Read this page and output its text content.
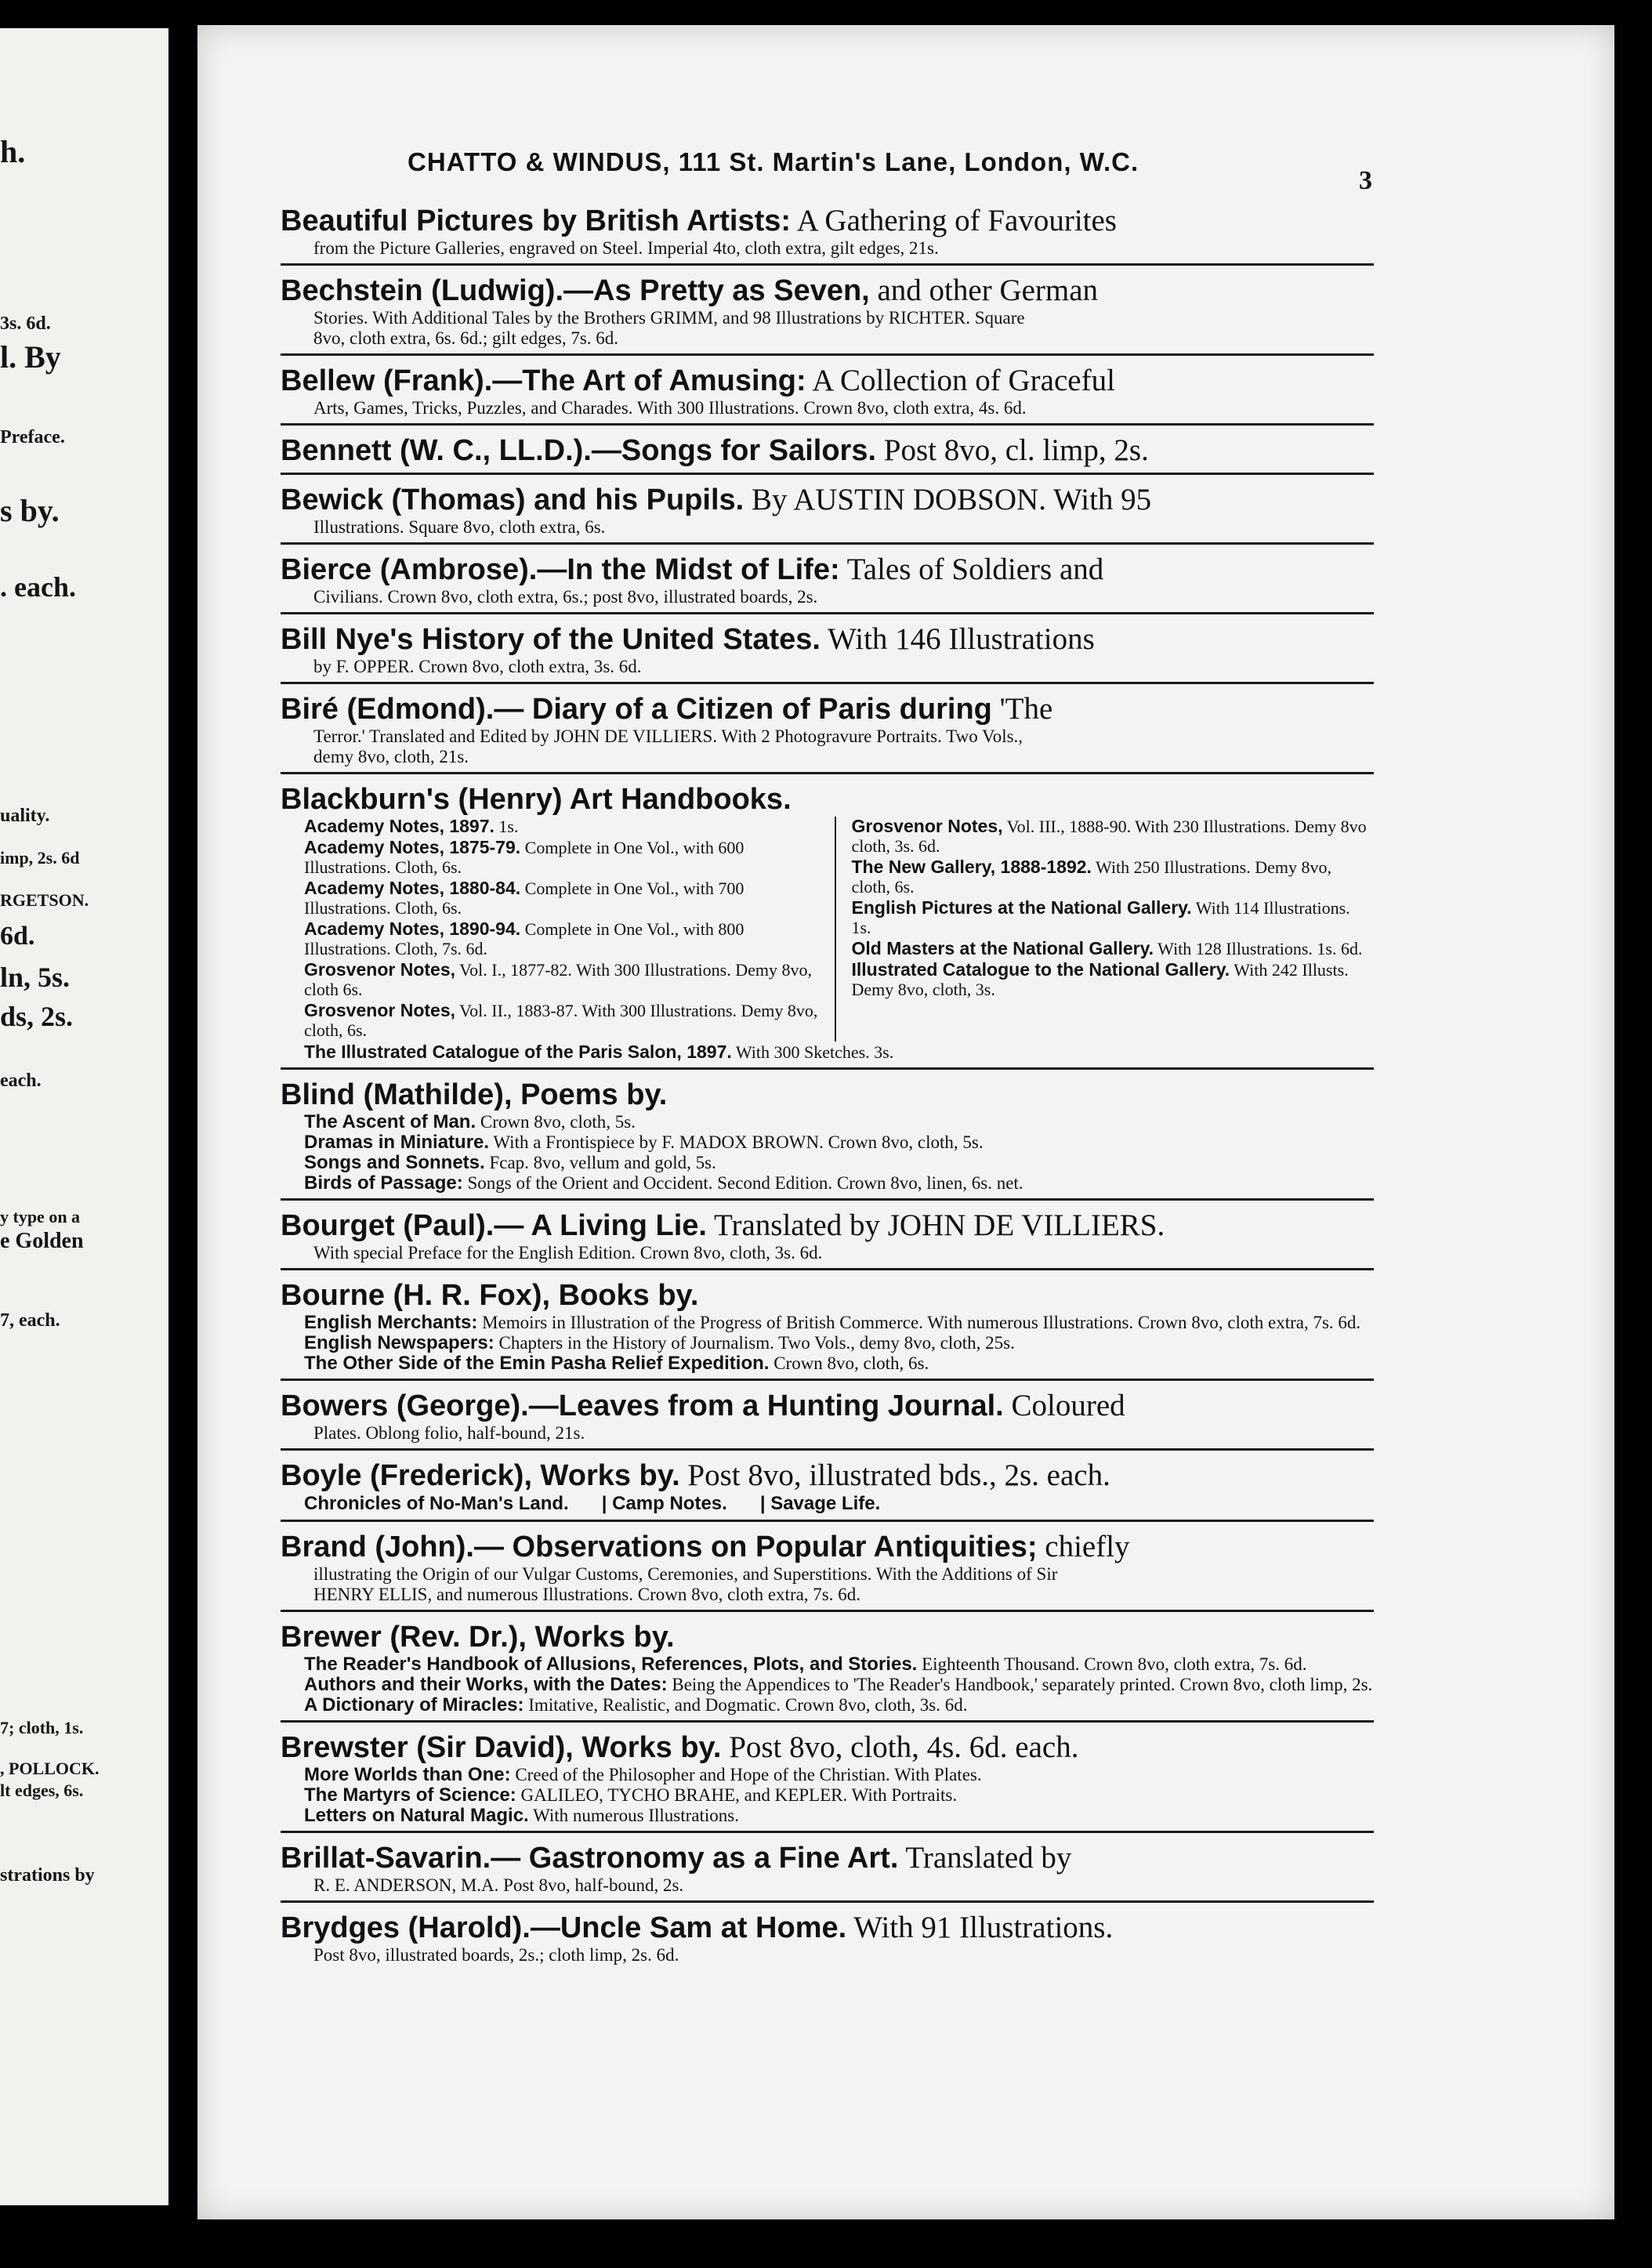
h.
3s. 6d.
l. By
Preface.
s by.
. each.
uality.
imp, 2s. 6d
RGETSON.
6d.
ln, 5s.
ds, 2s.
each.
y type on a
e Golden
7, each.
7; cloth, 1s.
, POLLOCK.
lt edges, 6s.
strations by
CHATTO & WINDUS, 111 St. Martin's Lane, London, W.C.
3
Beautiful Pictures by British Artists: A Gathering of Favourites
from the Picture Galleries, engraved on Steel. Imperial 4to, cloth extra, gilt edges, 21s.
Bechstein (Ludwig).—As Pretty as Seven, and other German
Stories. With Additional Tales by the Brothers GRIMM, and 98 Illustrations by RICHTER. Square
8vo, cloth extra, 6s. 6d.; gilt edges, 7s. 6d.
Bellew (Frank).—The Art of Amusing: A Collection of Graceful
Arts, Games, Tricks, Puzzles, and Charades. With 300 Illustrations. Crown 8vo, cloth extra, 4s. 6d.
Bennett (W. C., LL.D.).—Songs for Sailors. Post 8vo, cl. limp, 2s.
Bewick (Thomas) and his Pupils. By AUSTIN DOBSON. With 95
Illustrations. Square 8vo, cloth extra, 6s.
Bierce (Ambrose).—In the Midst of Life: Tales of Soldiers and
Civilians. Crown 8vo, cloth extra, 6s.; post 8vo, illustrated boards, 2s.
Bill Nye's History of the United States. With 146 Illustrations
by F. OPPER. Crown 8vo, cloth extra, 3s. 6d.
Biré (Edmond).— Diary of a Citizen of Paris during 'The
Terror.' Translated and Edited by JOHN DE VILLIERS. With 2 Photogravure Portraits. Two Vols.,
demy 8vo, cloth, 21s.
Blackburn's (Henry) Art Handbooks.
Academy Notes, 1897. 1s.
Academy Notes, 1875-79. Complete in One Vol., with 600 Illustrations. Cloth, 6s.
Academy Notes, 1880-84. Complete in One Vol., with 700 Illustrations. Cloth, 6s.
Academy Notes, 1890-94. Complete in One Vol., with 800 Illustrations. Cloth, 7s. 6d.
Grosvenor Notes, Vol. I., 1877-82. With 300 Illustrations. Demy 8vo, cloth 6s.
Grosvenor Notes, Vol. II., 1883-87. With 300 Illustrations. Demy 8vo, cloth, 6s.
Grosvenor Notes, Vol. III., 1888-90. With 230 Illustrations. Demy 8vo cloth, 3s. 6d.
The New Gallery, 1888-1892. With 250 Illustrations. Demy 8vo, cloth, 6s.
English Pictures at the National Gallery. With 114 Illustrations. 1s.
Old Masters at the National Gallery. With 128 Illustrations. 1s. 6d.
Illustrated Catalogue to the National Gallery. With 242 Illusts. Demy 8vo, cloth, 3s.
The Illustrated Catalogue of the Paris Salon, 1897. With 300 Sketches. 3s.
Blind (Mathilde), Poems by.
The Ascent of Man. Crown 8vo, cloth, 5s.
Dramas in Miniature. With a Frontispiece by F. MADOX BROWN. Crown 8vo, cloth, 5s.
Songs and Sonnets. Fcap. 8vo, vellum and gold, 5s.
Birds of Passage: Songs of the Orient and Occident. Second Edition. Crown 8vo, linen, 6s. net.
Bourget (Paul).— A Living Lie. Translated by JOHN DE VILLIERS.
With special Preface for the English Edition. Crown 8vo, cloth, 3s. 6d.
Bourne (H. R. Fox), Books by.
English Merchants: Memoirs in Illustration of the Progress of British Commerce. With numerous Illustrations. Crown 8vo, cloth extra, 7s. 6d.
English Newspapers: Chapters in the History of Journalism. Two Vols., demy 8vo, cloth, 25s.
The Other Side of the Emin Pasha Relief Expedition. Crown 8vo, cloth, 6s.
Bowers (George).—Leaves from a Hunting Journal. Coloured
Plates. Oblong folio, half-bound, 21s.
Boyle (Frederick), Works by. Post 8vo, illustrated bds., 2s. each.
Chronicles of No-Man's Land. | Camp Notes. | Savage Life.
Brand (John).— Observations on Popular Antiquities; chiefly
illustrating the Origin of our Vulgar Customs, Ceremonies, and Superstitions. With the Additions of Sir
HENRY ELLIS, and numerous Illustrations. Crown 8vo, cloth extra, 7s. 6d.
Brewer (Rev. Dr.), Works by.
The Reader's Handbook of Allusions, References, Plots, and Stories. Eighteenth Thousand. Crown 8vo, cloth extra, 7s. 6d.
Authors and their Works, with the Dates: Being the Appendices to 'The Reader's Handbook,' separately printed. Crown 8vo, cloth limp, 2s.
A Dictionary of Miracles: Imitative, Realistic, and Dogmatic. Crown 8vo, cloth, 3s. 6d.
Brewster (Sir David), Works by. Post 8vo, cloth, 4s. 6d. each.
More Worlds than One: Creed of the Philosopher and Hope of the Christian. With Plates.
The Martyrs of Science: GALILEO, TYCHO BRAHE, and KEPLER. With Portraits.
Letters on Natural Magic. With numerous Illustrations.
Brillat-Savarin.— Gastronomy as a Fine Art. Translated by
R. E. ANDERSON, M.A. Post 8vo, half-bound, 2s.
Brydges (Harold).—Uncle Sam at Home. With 91 Illustrations.
Post 8vo, illustrated boards, 2s.; cloth limp, 2s. 6d.
